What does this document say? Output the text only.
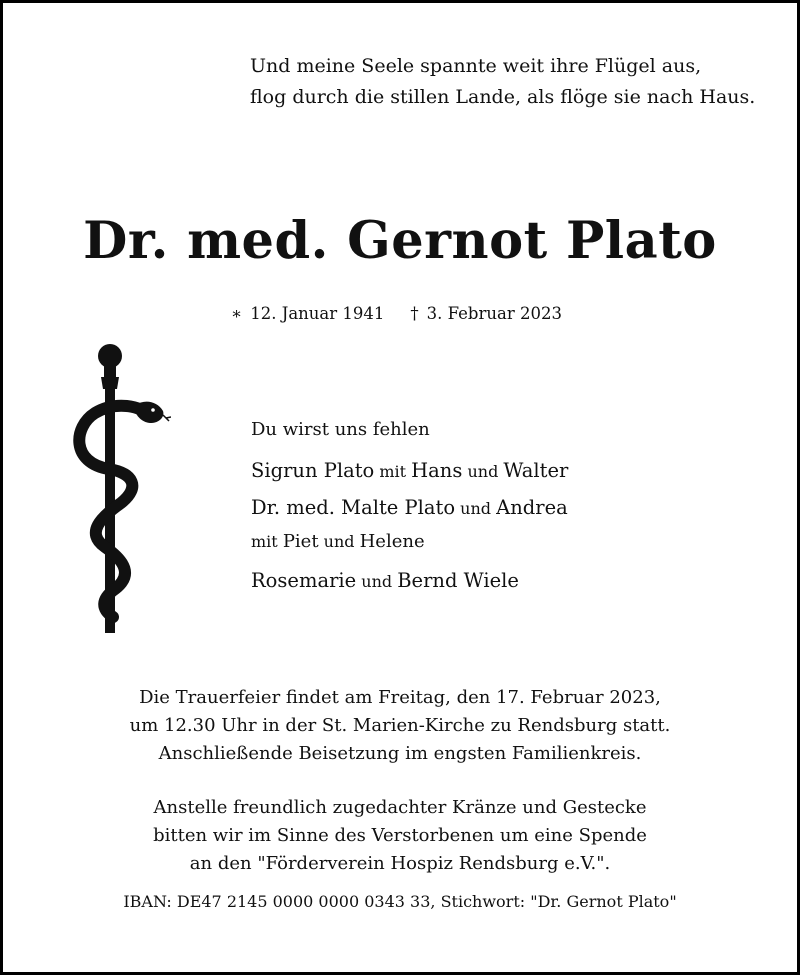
Und meine Seele spannte weit ihre Flügel aus,
flog durch die stillen Lande, als flöge sie nach Haus.
Dr. med. Gernot Plato
∗ 12. Januar 1941 † 3. Februar 2023
Du wirst uns fehlen
Sigrun Plato mit Hans und Walter
Dr. med. Malte Plato und Andrea
mit Piet und Helene
Rosemarie und Bernd Wiele
Die Trauerfeier findet am Freitag, den 17. Februar 2023,
um 12.30 Uhr in der St. Marien-Kirche zu Rendsburg statt.
Anschließende Beisetzung im engsten Familienkreis.
Anstelle freundlich zugedachter Kränze und Gestecke
bitten wir im Sinne des Verstorbenen um eine Spende
an den "Förderverein Hospiz Rendsburg e.V.".
IBAN: DE47 2145 0000 0000 0343 33, Stichwort: "Dr. Gernot Plato"
